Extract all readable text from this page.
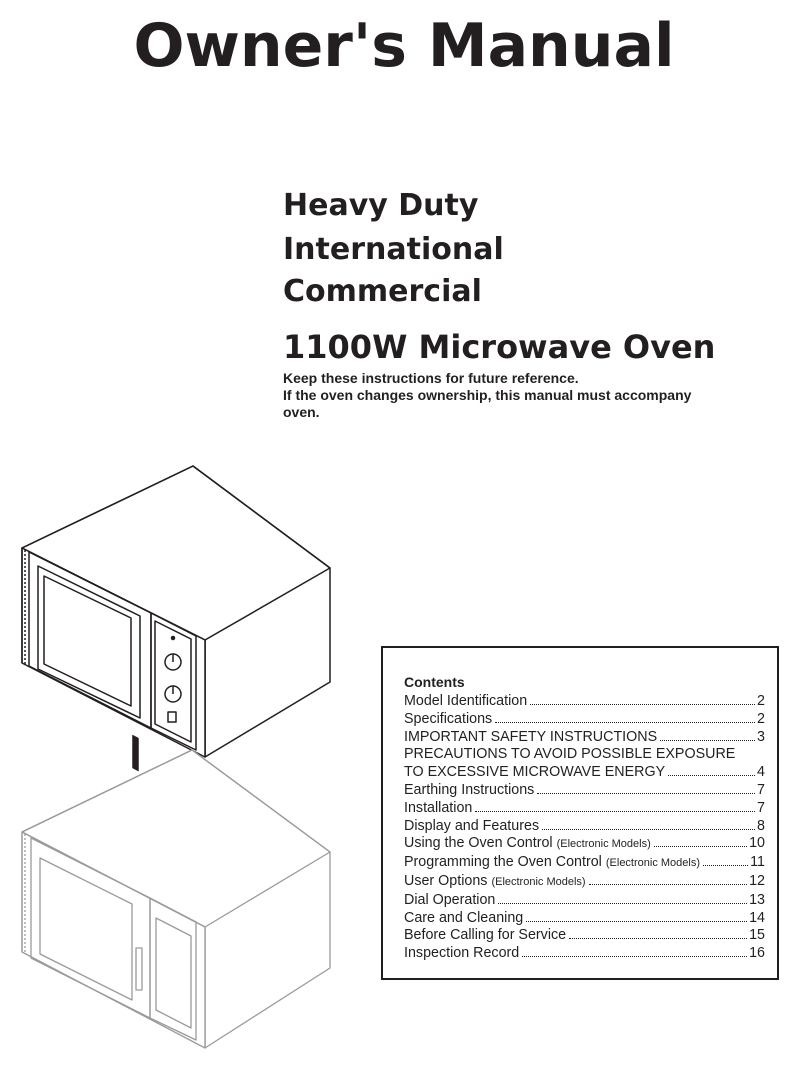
Owner's Manual
Heavy Duty
International
Commercial
1100W Microwave Oven

Keep these instructions for future reference.
If the oven changes ownership, this manual must accompany
oven.

Contents
Model Identification	2
Specifications	2
IMPORTANT SAFETY INSTRUCTIONS	3
PRECAUTIONS TO AVOID POSSIBLE EXPOSURE
TO EXCESSIVE MICROWAVE ENERGY	4
Earthing Instructions	7
Installation	7
Display and Features	8
Using the Oven Control (Electronic Models)	10
Programming the Oven Control (Electronic Models)	11
User Options (Electronic Models)	12
Dial Operation	13
Care and Cleaning	14
Before Calling for Service	15
Inspection Record	16
